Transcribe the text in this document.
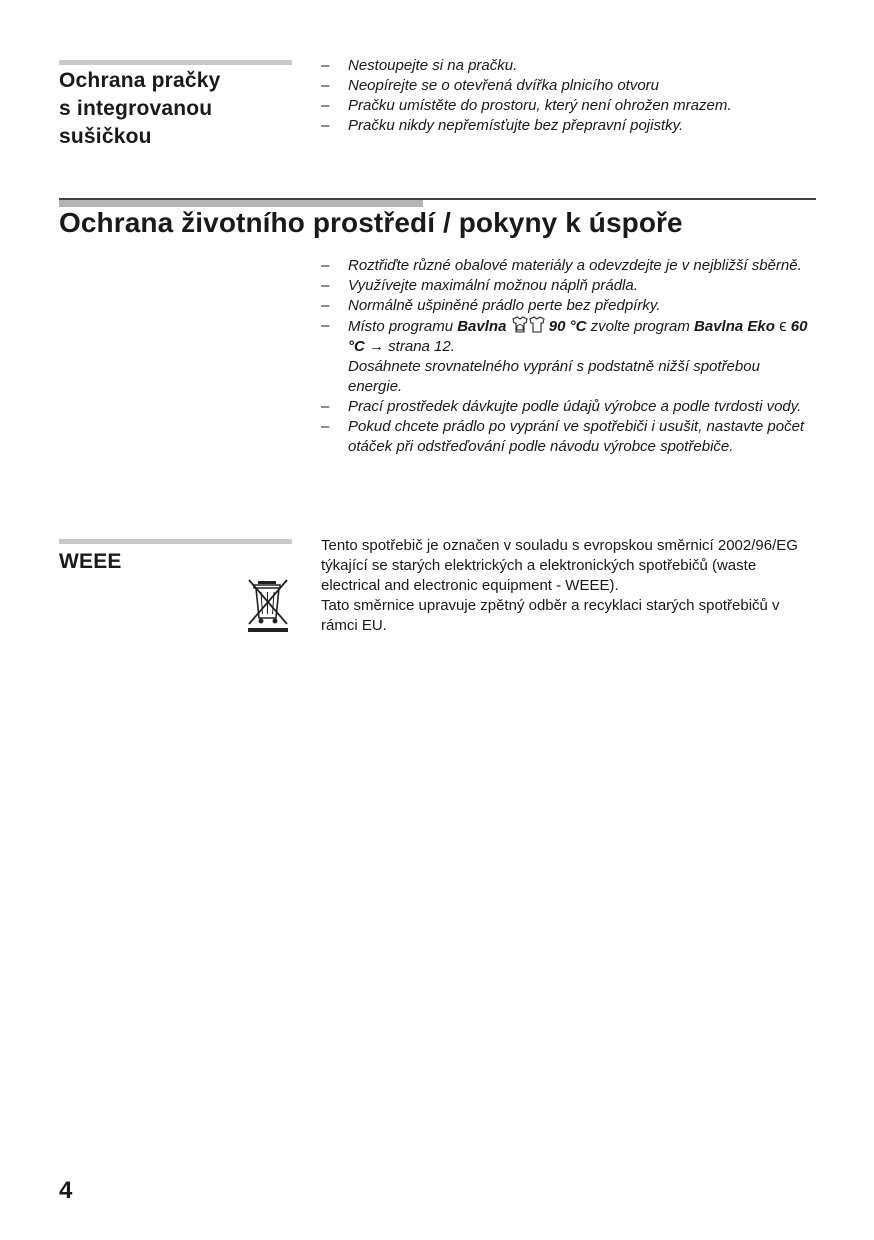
Ochrana pračky

s integrovanou

sušičkou

– Nestoupejte si na pračku.
– Neopírejte se o otevřená dvířka plnicího otvoru
– Pračku umístěte do prostoru, který není ohrožen mrazem.
– Pračku nikdy nepřemísťujte bez přepravní pojistky.
Ochrana životního prostředí / pokyny k úspoře
– Roztřiďte různé obalové materiály a odevzdejte je v nejbližší sběrně.
– Využívejte maximální možnou náplň prádla.
– Normálně ušpiněné prádlo perte bez předpírky.
– Místo programu Bavlna	90 °C zvolte program Bavlna Eko ϵ 60 °C → strana 12.
Dosáhnete srovnatelného vyprání s podstatně nižší spotřebou energie.
– Prací prostředek dávkujte podle údajů výrobce a podle tvrdosti vody.
– Pokud chcete prádlo po vyprání ve spotřebiči i usušit, nastavte počet otáček při odstřeďování podle návodu výrobce spotřebiče.
WEEE

Tento spotřebič je označen v souladu s evropskou směrnicí 2002/96/EG týkající se starých elektrických a elektronických spotřebičů (waste electrical and electronic equipment - WEEE).

Tato směrnice upravuje zpětný odběr a recyklaci starých spotřebičů v rámci EU.

4
